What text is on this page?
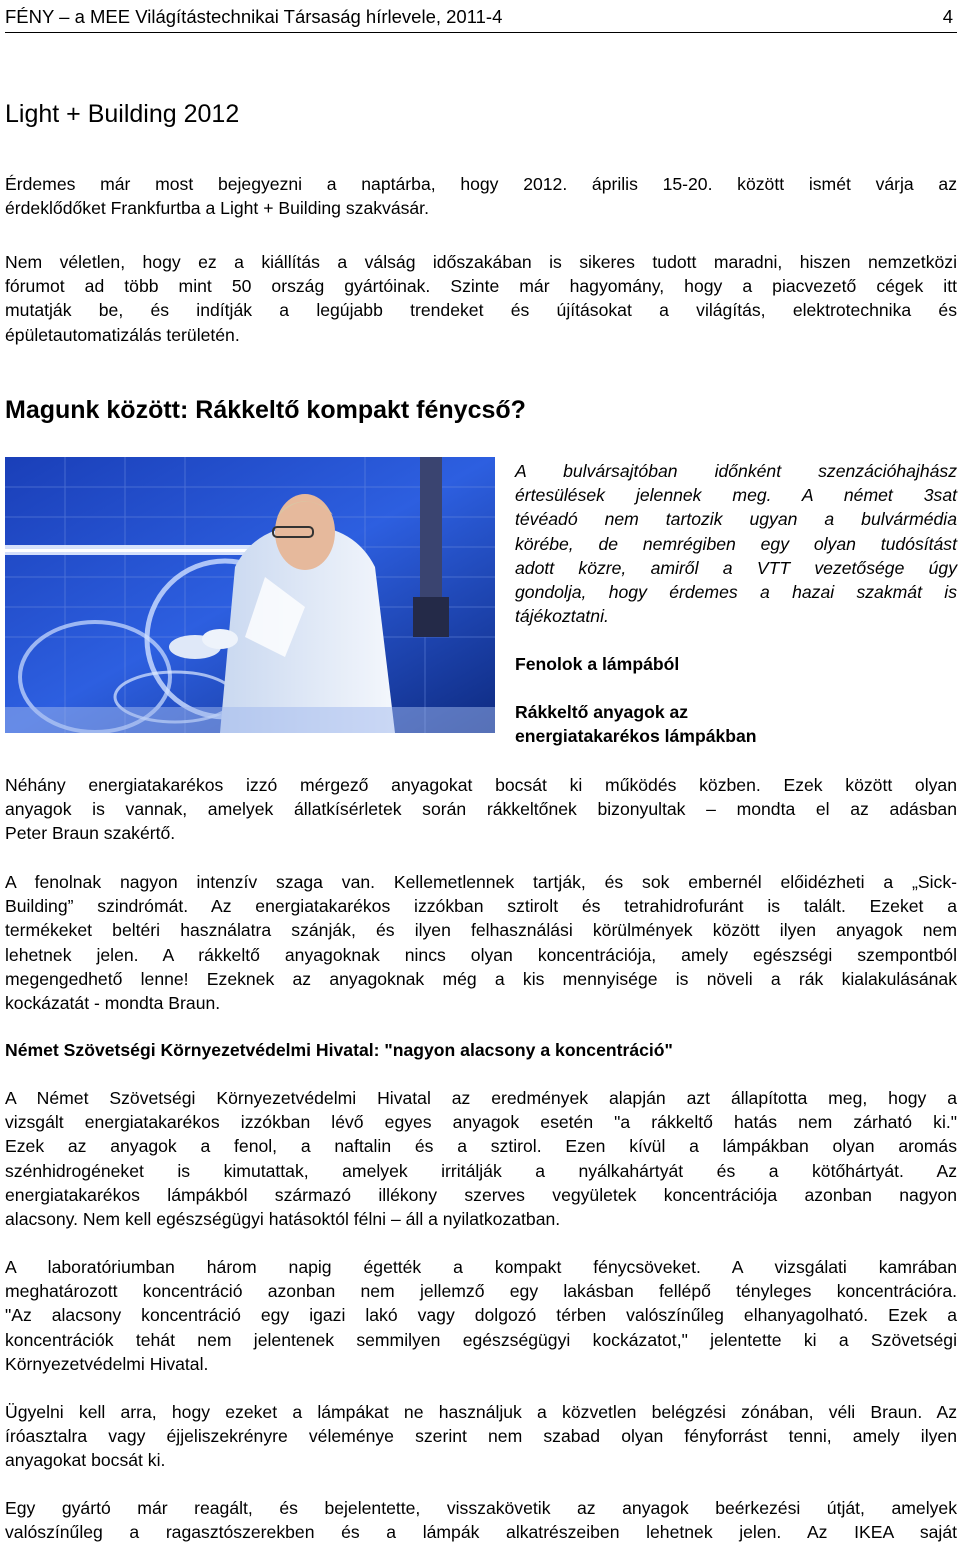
FÉNY – a MEE Világítástechnikai Társaság hírlevele, 2011-4	4
Light + Building 2012
Érdemes már most bejegyezni a naptárba, hogy 2012. április 15-20. között ismét várja az
érdeklődőket Frankfurtba a Light + Building szakvásár.
Nem véletlen, hogy ez a kiállítás a válság időszakában is sikeres tudott maradni, hiszen nemzetközi
fórumot ad több mint 50 ország gyártóinak. Szinte már hagyomány, hogy a piacvezető cégek itt
mutatják be, és indítják a legújabb trendeket és újításokat a világítás, elektrotechnika és
épületautomatizálás területén.
Magunk között: Rákkeltő kompakt fénycső?
A bulvársajtóban időnként szenzációhajhász
értesülések jelennek meg. A német 3sat
tévéadó nem tartozik ugyan a bulvármédia
körébe, de nemrégiben egy olyan tudósítást
adott közre, amiről a VTT vezetősége úgy
gondolja, hogy érdemes a hazai szakmát is
tájékoztatni.
Fenolok a lámpából
Rákkeltő anyagok az
energiatakarékos lámpákban
Néhány energiatakarékos izzó mérgező anyagokat bocsát ki működés közben. Ezek között olyan
anyagok is vannak, amelyek állatkísérletek során rákkeltőnek bizonyultak – mondta el az adásban
Peter Braun szakértő.
A fenolnak nagyon intenzív szaga van. Kellemetlennek tartják, és sok embernél előidézheti a „Sick-
Building” szindrómát. Az energiatakarékos izzókban sztirolt és tetrahidrofuránt is talált. Ezeket a
termékeket beltéri használatra szánják, és ilyen felhasználási körülmények között ilyen anyagok nem
lehetnek jelen. A rákkeltő anyagoknak nincs olyan koncentrációja, amely egészségi szempontból
megengedhető lenne! Ezeknek az anyagoknak még a kis mennyisége is növeli a rák kialakulásának
kockázatát - mondta Braun.
Német Szövetségi Környezetvédelmi Hivatal: "nagyon alacsony a koncentráció"
A Német Szövetségi Környezetvédelmi Hivatal az eredmények alapján azt állapította meg, hogy a
vizsgált energiatakarékos izzókban lévő egyes anyagok esetén "a rákkeltő hatás nem zárható ki."
Ezek az anyagok a fenol, a naftalin és a sztirol. Ezen kívül a lámpákban olyan aromás
szénhidrogéneket is kimutattak, amelyek irritálják a nyálkahártyát és a kötőhártyát. Az
energiatakarékos lámpákból származó illékony szerves vegyületek koncentrációja azonban nagyon
alacsony. Nem kell egészségügyi hatásoktól félni – áll a nyilatkozatban.
A laboratóriumban három napig égették a kompakt fénycsöveket. A vizsgálati kamrában
meghatározott koncentráció azonban nem jellemző egy lakásban fellépő tényleges koncentrációra.
"Az alacsony koncentráció egy igazi lakó vagy dolgozó térben valószínűleg elhanyagolható. Ezek a
koncentrációk tehát nem jelentenek semmilyen egészségügyi kockázatot," jelentette ki a Szövetségi
Környezetvédelmi Hivatal.
Ügyelni kell arra, hogy ezeket a lámpákat ne használjuk a közvetlen belégzési zónában, véli Braun. Az
íróasztalra vagy éjjeliszekrényre véleménye szerint nem szabad olyan fényforrást tenni, amely ilyen
anyagokat bocsát ki.
Egy gyártó már reagált, és bejelentette, visszakövetik az anyagok beérkezési útját, amelyek
valószínűleg a ragasztószerekben és a lámpák alkatrészeiben lehetnek jelen. Az IKEA saját
